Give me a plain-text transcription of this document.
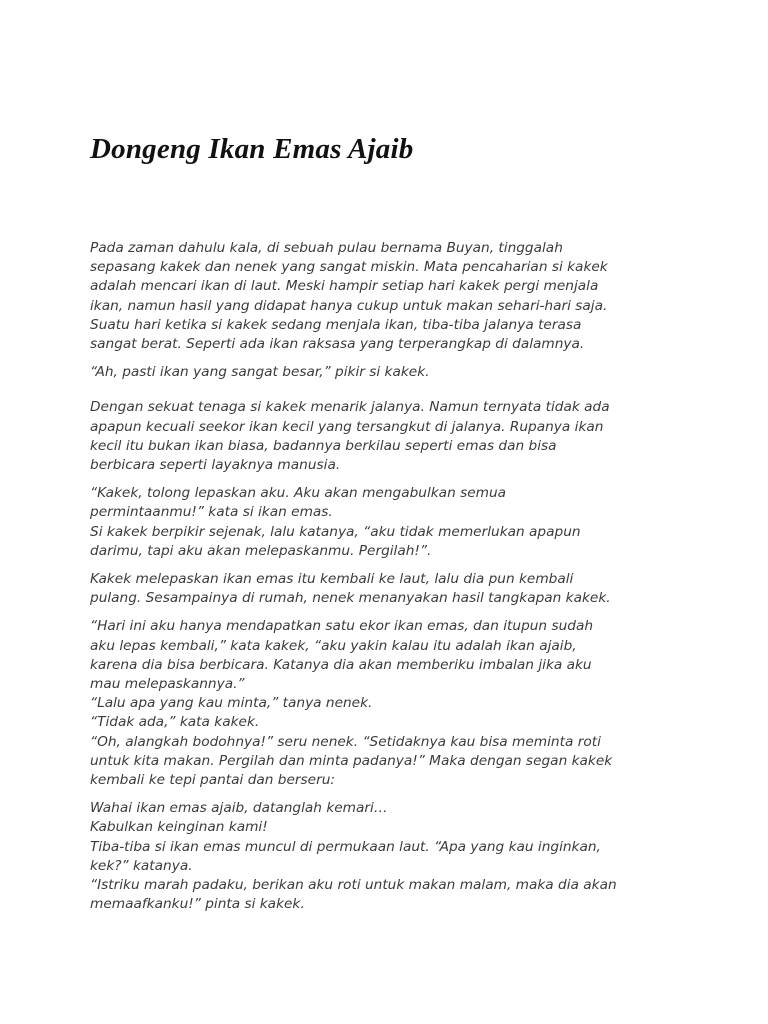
Dongeng Ikan Emas Ajaib

Pada zaman dahulu kala, di sebuah pulau bernama Buyan, tinggalah
sepasang kakek dan nenek yang sangat miskin. Mata pencaharian si kakek
adalah mencari ikan di laut. Meski hampir setiap hari kakek pergi menjala
ikan, namun hasil yang didapat hanya cukup untuk makan sehari-hari saja.
Suatu hari ketika si kakek sedang menjala ikan, tiba-tiba jalanya terasa
sangat berat. Seperti ada ikan raksasa yang terperangkap di dalamnya.

“Ah, pasti ikan yang sangat besar,” pikir si kakek.

Dengan sekuat tenaga si kakek menarik jalanya. Namun ternyata tidak ada
apapun kecuali seekor ikan kecil yang tersangkut di jalanya. Rupanya ikan
kecil itu bukan ikan biasa, badannya berkilau seperti emas dan bisa
berbicara seperti layaknya manusia.

“Kakek, tolong lepaskan aku. Aku akan mengabulkan semua
permintaanmu!” kata si ikan emas.
Si kakek berpikir sejenak, lalu katanya, “aku tidak memerlukan apapun
darimu, tapi aku akan melepaskanmu. Pergilah!”.

Kakek melepaskan ikan emas itu kembali ke laut, lalu dia pun kembali
pulang. Sesampainya di rumah, nenek menanyakan hasil tangkapan kakek.

“Hari ini aku hanya mendapatkan satu ekor ikan emas, dan itupun sudah
aku lepas kembali,” kata kakek, “aku yakin kalau itu adalah ikan ajaib,
karena dia bisa berbicara. Katanya dia akan memberiku imbalan jika aku
mau melepaskannya.”
“Lalu apa yang kau minta,” tanya nenek.
“Tidak ada,” kata kakek.
“Oh, alangkah bodohnya!” seru nenek. “Setidaknya kau bisa meminta roti
untuk kita makan. Pergilah dan minta padanya!” Maka dengan segan kakek
kembali ke tepi pantai dan berseru:

Wahai ikan emas ajaib, datanglah kemari…
Kabulkan keinginan kami!
Tiba-tiba si ikan emas muncul di permukaan laut. “Apa yang kau inginkan,
kek?” katanya.
“Istriku marah padaku, berikan aku roti untuk makan malam, maka dia akan
memaafkanku!” pinta si kakek.
